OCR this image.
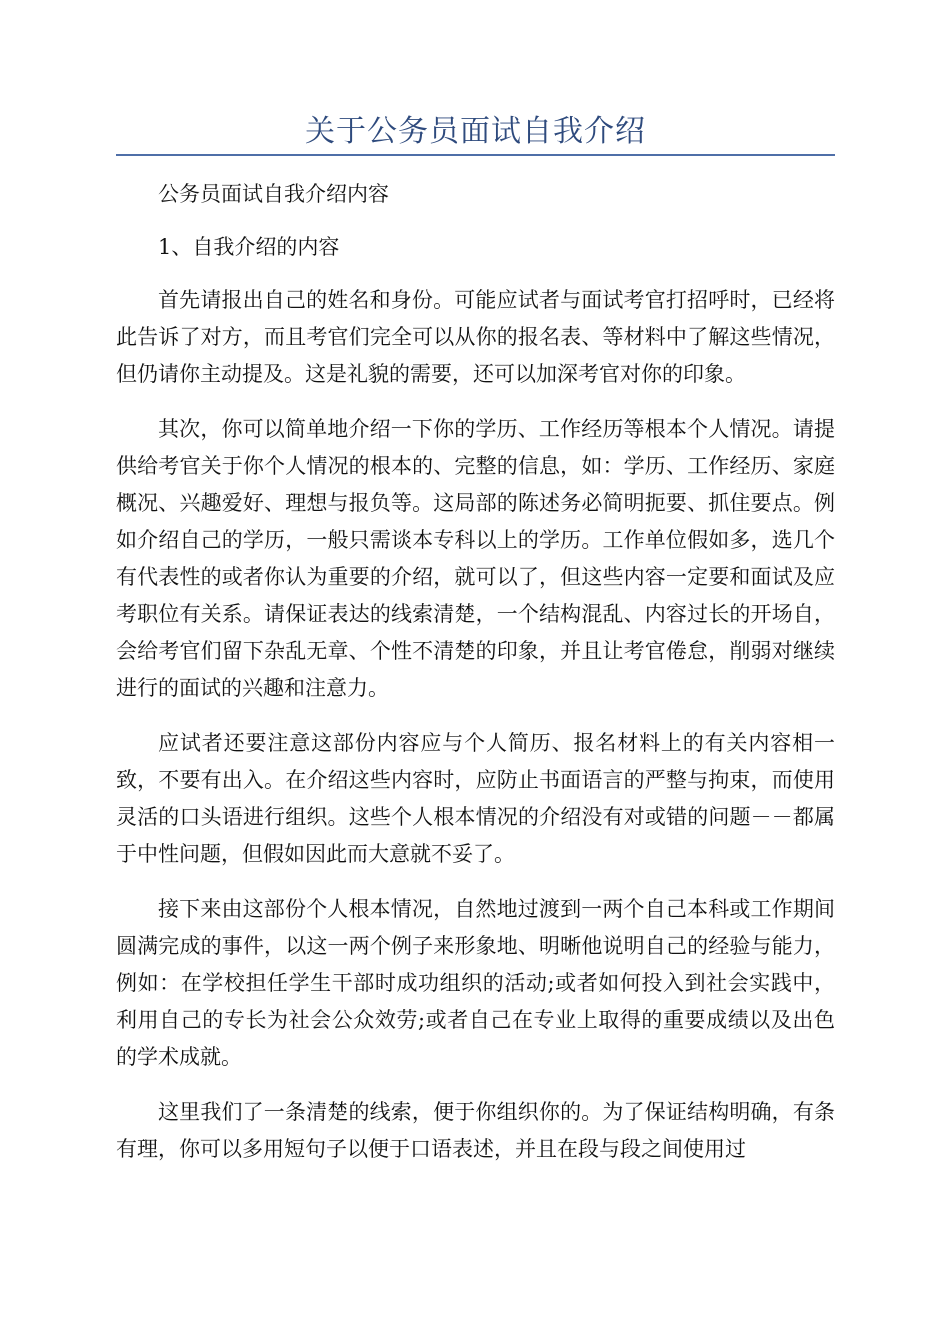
关于公务员面试自我介绍

公务员面试自我介绍内容

1、自我介绍的内容

首先请报出自己的姓名和身份。可能应试者与面试考官打招呼时，已经将此告诉了对方，而且考官们完全可以从你的报名表、等材料中了解这些情况，但仍请你主动提及。这是礼貌的需要，还可以加深考官对你的印象。

其次，你可以简单地介绍一下你的学历、工作经历等根本个人情况。请提供给考官关于你个人情况的根本的、完整的信息，如：学历、工作经历、家庭概况、兴趣爱好、理想与报负等。这局部的陈述务必简明扼要、抓住要点。例如介绍自己的学历，一般只需谈本专科以上的学历。工作单位假如多，选几个有代表性的或者你认为重要的介绍，就可以了，但这些内容一定要和面试及应考职位有关系。请保证表达的线索清楚，一个结构混乱、内容过长的开场自，会给考官们留下杂乱无章、个性不清楚的印象，并且让考官倦怠，削弱对继续进行的面试的兴趣和注意力。

应试者还要注意这部份内容应与个人简历、报名材料上的有关内容相一致，不要有出入。在介绍这些内容时，应防止书面语言的严整与拘束，而使用灵活的口头语进行组织。这些个人根本情况的介绍没有对或错的问题－－都属于中性问题，但假如因此而大意就不妥了。

接下来由这部份个人根本情况，自然地过渡到一两个自己本科或工作期间圆满完成的事件，以这一两个例子来形象地、明晰他说明自己的经验与能力，例如：在学校担任学生干部时成功组织的活动;或者如何投入到社会实践中，利用自己的专长为社会公众效劳;或者自己在专业上取得的重要成绩以及出色的学术成就。

这里我们了一条清楚的线索，便于你组织你的。为了保证结构明确，有条有理，你可以多用短句子以便于口语表述，并且在段与段之间使用过
